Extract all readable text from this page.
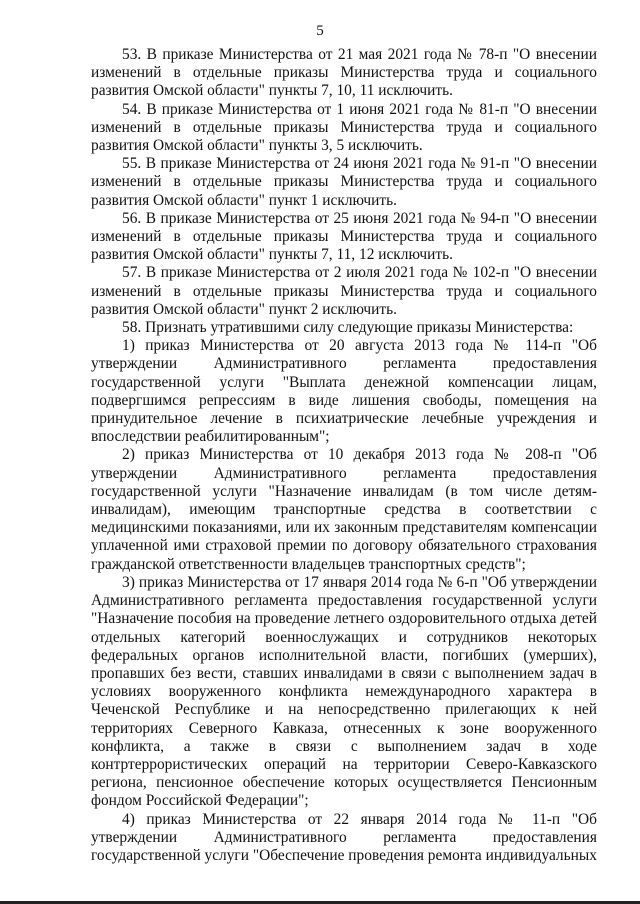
5

53. В приказе Министерства от 21 мая 2021 года № 78-п "О внесении изменений в отдельные приказы Министерства труда и социального развития Омской области" пункты 7, 10, 11 исключить.

54. В приказе Министерства от 1 июня 2021 года № 81-п "О внесении изменений в отдельные приказы Министерства труда и социального развития Омской области" пункты 3, 5 исключить.

55. В приказе Министерства от 24 июня 2021 года № 91-п "О внесении изменений в отдельные приказы Министерства труда и социального развития Омской области" пункт 1 исключить.

56. В приказе Министерства от 25 июня 2021 года № 94-п "О внесении изменений в отдельные приказы Министерства труда и социального развития Омской области" пункты 7, 11, 12 исключить.

57. В приказе Министерства от 2 июля 2021 года № 102-п "О внесении изменений в отдельные приказы Министерства труда и социального развития Омской области" пункт 2 исключить.

58. Признать утратившими силу следующие приказы Министерства:

1) приказ Министерства от 20 августа 2013 года № 114-п "Об утверждении Административного регламента предоставления государственной услуги "Выплата денежной компенсации лицам, подвергшимся репрессиям в виде лишения свободы, помещения на принудительное лечение в психиатрические лечебные учреждения и впоследствии реабилитированным";

2) приказ Министерства от 10 декабря 2013 года № 208-п "Об утверждении Административного регламента предоставления государственной услуги "Назначение инвалидам (в том числе детям-инвалидам), имеющим транспортные средства в соответствии с медицинскими показаниями, или их законным представителям компенсации уплаченной ими страховой премии по договору обязательного страхования гражданской ответственности владельцев транспортных средств";

3) приказ Министерства от 17 января 2014 года № 6-п "Об утверждении Административного регламента предоставления государственной услуги "Назначение пособия на проведение летнего оздоровительного отдыха детей отдельных категорий военнослужащих и сотрудников некоторых федеральных органов исполнительной власти, погибших (умерших), пропавших без вести, ставших инвалидами в связи с выполнением задач в условиях вооруженного конфликта немеждународного характера в Чеченской Республике и на непосредственно прилегающих к ней территориях Северного Кавказа, отнесенных к зоне вооруженного конфликта, а также в связи с выполнением задач в ходе контртеррористических операций на территории Северо-Кавказского региона, пенсионное обеспечение которых осуществляется Пенсионным фондом Российской Федерации";

4) приказ Министерства от 22 января 2014 года № 11-п "Об утверждении Административного регламента предоставления государственной услуги "Обеспечение проведения ремонта индивидуальных
